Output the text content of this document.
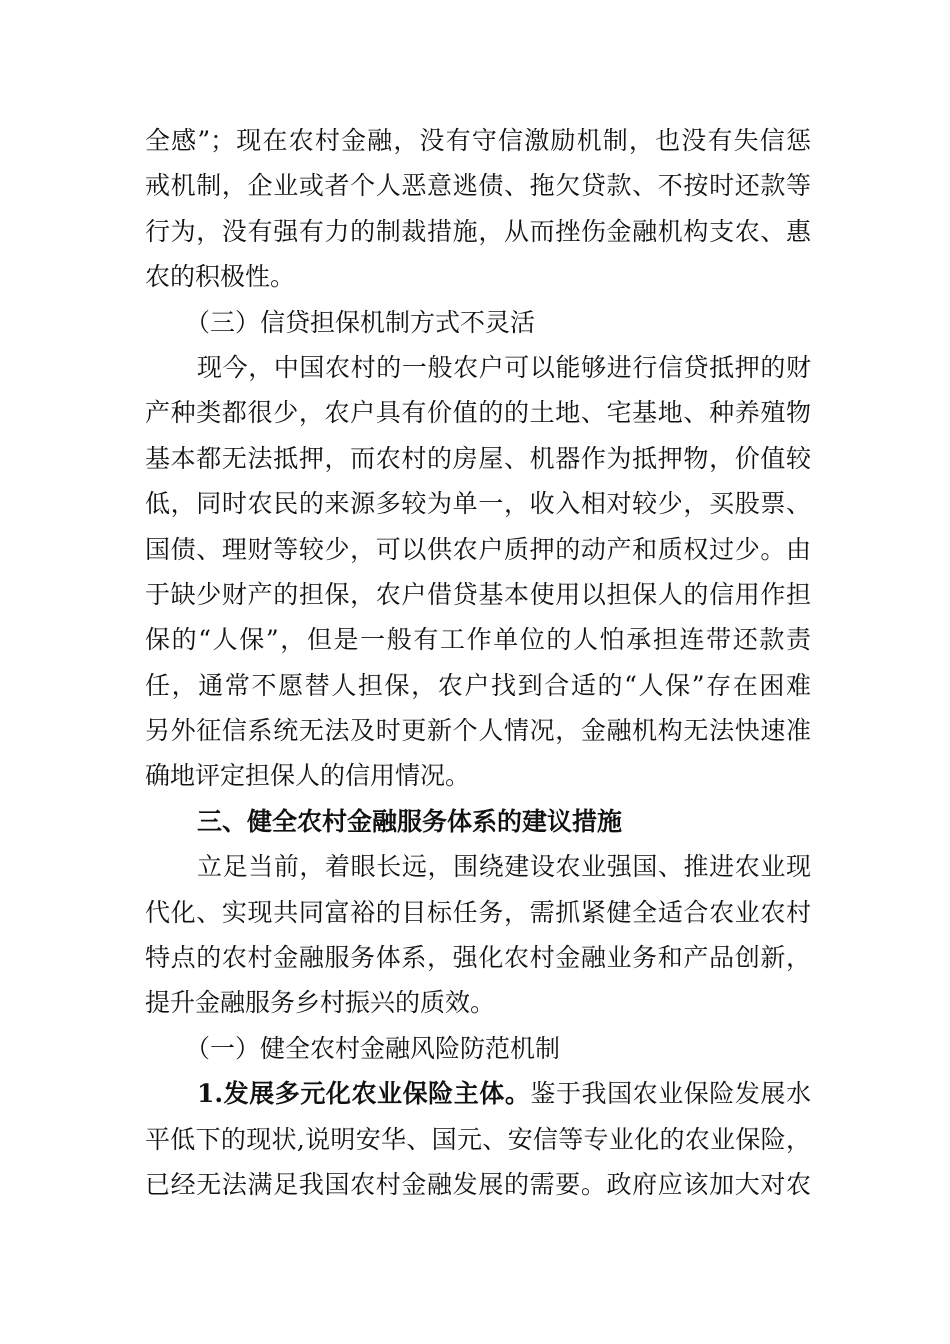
全感”；现在农村金融，没有守信激励机制，也没有失信惩
戒机制，企业或者个人恶意逃债、拖欠贷款、不按时还款等
行为，没有强有力的制裁措施，从而挫伤金融机构支农、惠
农的积极性。
（三）信贷担保机制方式不灵活
现今，中国农村的一般农户可以能够进行信贷抵押的财
产种类都很少，农户具有价值的的土地、宅基地、种养殖物
基本都无法抵押，而农村的房屋、机器作为抵押物，价值较
低，同时农民的来源多较为单一，收入相对较少，买股票、
国债、理财等较少，可以供农户质押的动产和质权过少。由
于缺少财产的担保，农户借贷基本使用以担保人的信用作担
保的“人保”，但是一般有工作单位的人怕承担连带还款责
任，通常不愿替人担保，农户找到合适的“人保”存在困难
另外征信系统无法及时更新个人情况，金融机构无法快速准
确地评定担保人的信用情况。
三、健全农村金融服务体系的建议措施
立足当前，着眼长远，围绕建设农业强国、推进农业现
代化、实现共同富裕的目标任务，需抓紧健全适合农业农村
特点的农村金融服务体系，强化农村金融业务和产品创新，
提升金融服务乡村振兴的质效。
（一）健全农村金融风险防范机制
1.发展多元化农业保险主体。鉴于我国农业保险发展水
平低下的现状,说明安华、国元、安信等专业化的农业保险，
已经无法满足我国农村金融发展的需要。政府应该加大对农
